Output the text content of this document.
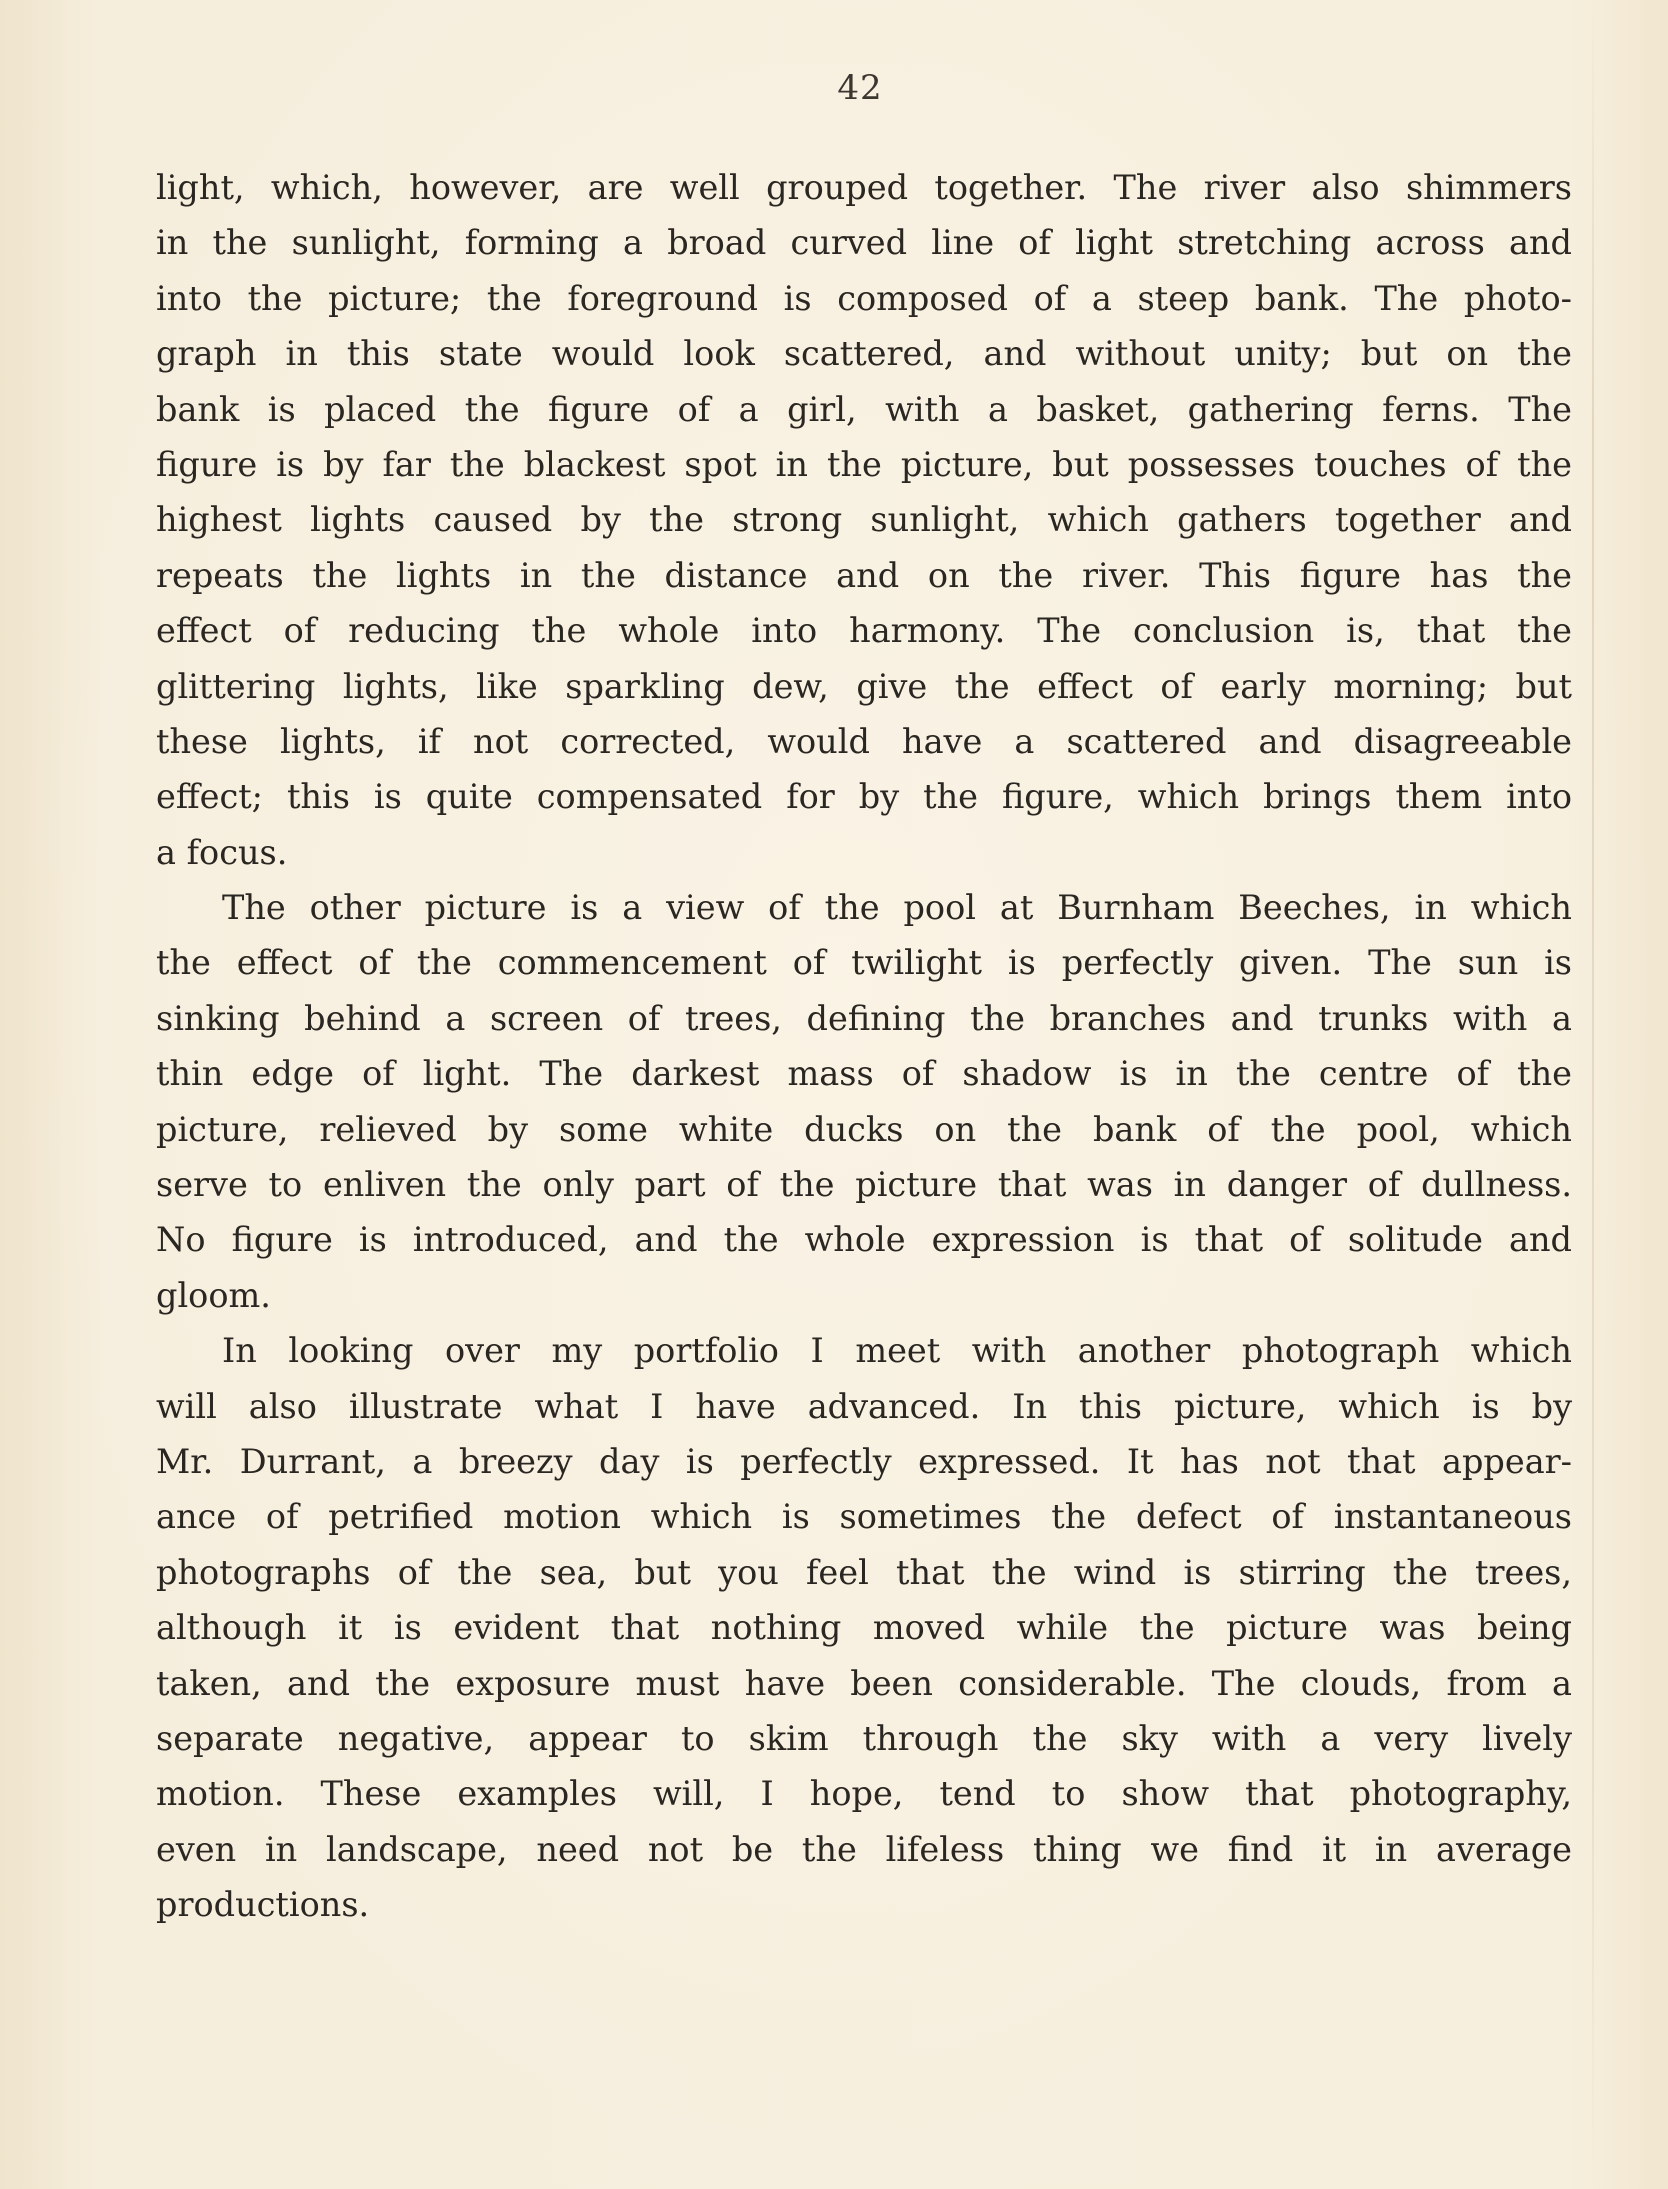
42
light, which, however, are well grouped together. The river also shimmers
in the sunlight, forming a broad curved line of light stretching across and
into the picture; the foreground is composed of a steep bank. The photo-
graph in this state would look scattered, and without unity; but on the
bank is placed the figure of a girl, with a basket, gathering ferns. The
figure is by far the blackest spot in the picture, but possesses touches of the
highest lights caused by the strong sunlight, which gathers together and
repeats the lights in the distance and on the river. This figure has the
effect of reducing the whole into harmony. The conclusion is, that the
glittering lights, like sparkling dew, give the effect of early morning; but
these lights, if not corrected, would have a scattered and disagreeable
effect; this is quite compensated for by the figure, which brings them into
a focus.
The other picture is a view of the pool at Burnham Beeches, in which
the effect of the commencement of twilight is perfectly given. The sun is
sinking behind a screen of trees, defining the branches and trunks with a
thin edge of light. The darkest mass of shadow is in the centre of the
picture, relieved by some white ducks on the bank of the pool, which
serve to enliven the only part of the picture that was in danger of dullness.
No figure is introduced, and the whole expression is that of solitude and
gloom.
In looking over my portfolio I meet with another photograph which
will also illustrate what I have advanced. In this picture, which is by
Mr. Durrant, a breezy day is perfectly expressed. It has not that appear-
ance of petrified motion which is sometimes the defect of instantaneous
photographs of the sea, but you feel that the wind is stirring the trees,
although it is evident that nothing moved while the picture was being
taken, and the exposure must have been considerable. The clouds, from a
separate negative, appear to skim through the sky with a very lively
motion. These examples will, I hope, tend to show that photography,
even in landscape, need not be the lifeless thing we find it in average
productions.
